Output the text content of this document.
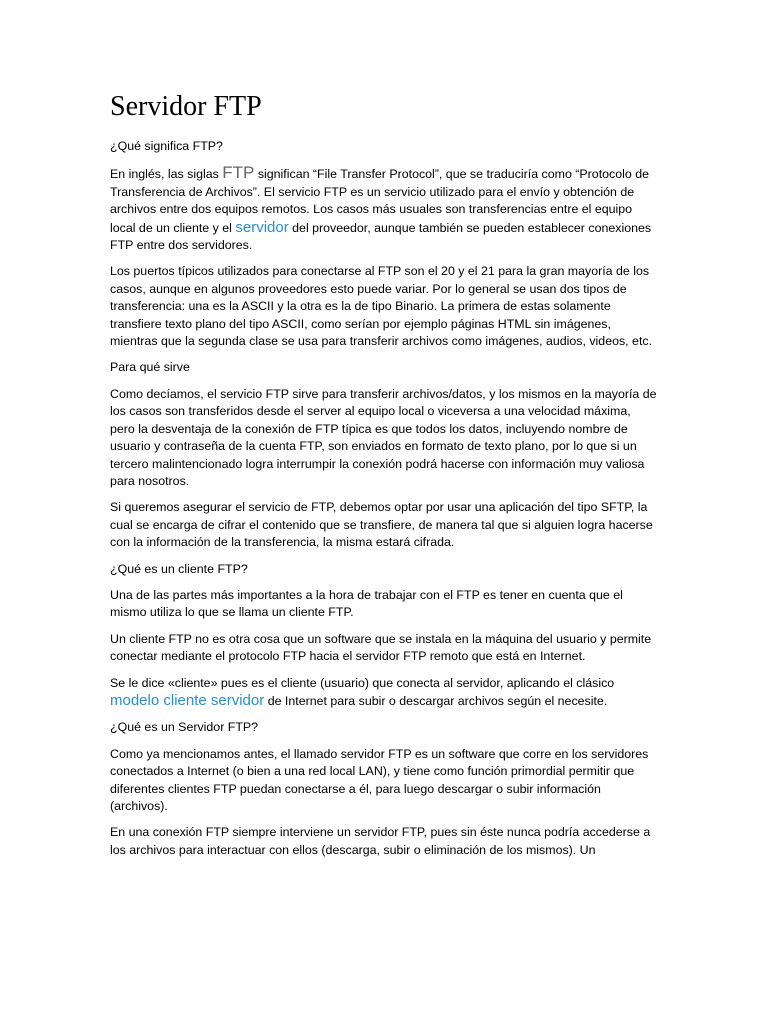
Servidor FTP

¿Qué significa FTP?

En inglés, las siglas FTP significan “File Transfer Protocol”, que se traduciría como “Protocolo de Transferencia de Archivos”. El servicio FTP es un servicio utilizado para el envío y obtención de archivos entre dos equipos remotos. Los casos más usuales son transferencias entre el equipo local de un cliente y el servidor del proveedor, aunque también se pueden establecer conexiones FTP entre dos servidores.

Los puertos típicos utilizados para conectarse al FTP son el 20 y el 21 para la gran mayoría de los casos, aunque en algunos proveedores esto puede variar. Por lo general se usan dos tipos de transferencia: una es la ASCII y la otra es la de tipo Binario. La primera de estas solamente transfiere texto plano del tipo ASCII, como serían por ejemplo páginas HTML sin imágenes, mientras que la segunda clase se usa para transferir archivos como imágenes, audios, videos, etc.

Para qué sirve

Como decíamos, el servicio FTP sirve para transferir archivos/datos, y los mismos en la mayoría de los casos son transferidos desde el server al equipo local o viceversa a una velocidad máxima, pero la desventaja de la conexión de FTP típica es que todos los datos, incluyendo nombre de usuario y contraseña de la cuenta FTP, son enviados en formato de texto plano, por lo que si un tercero malintencionado logra interrumpir la conexión podrá hacerse con información muy valiosa para nosotros.

Si queremos asegurar el servicio de FTP, debemos optar por usar una aplicación del tipo SFTP, la cual se encarga de cifrar el contenido que se transfiere, de manera tal que si alguien logra hacerse con la información de la transferencia, la misma estará cifrada.

¿Qué es un cliente FTP?

Una de las partes más importantes a la hora de trabajar con el FTP es tener en cuenta que el mismo utiliza lo que se llama un cliente FTP.

Un cliente FTP no es otra cosa que un software que se instala en la máquina del usuario y permite conectar mediante el protocolo FTP hacia el servidor FTP remoto que está en Internet.

Se le dice «cliente» pues es el cliente (usuario) que conecta al servidor, aplicando el clásico modelo cliente servidor de Internet para subir o descargar archivos según el necesite.

¿Qué es un Servidor FTP?

Como ya mencionamos antes, el llamado servidor FTP es un software que corre en los servidores conectados a Internet (o bien a una red local LAN), y tiene como función primordial permitir que diferentes clientes FTP puedan conectarse a él, para luego descargar o subir información (archivos).

En una conexión FTP siempre interviene un servidor FTP, pues sin éste nunca podría accederse a los archivos para interactuar con ellos (descarga, subir o eliminación de los mismos). Un
